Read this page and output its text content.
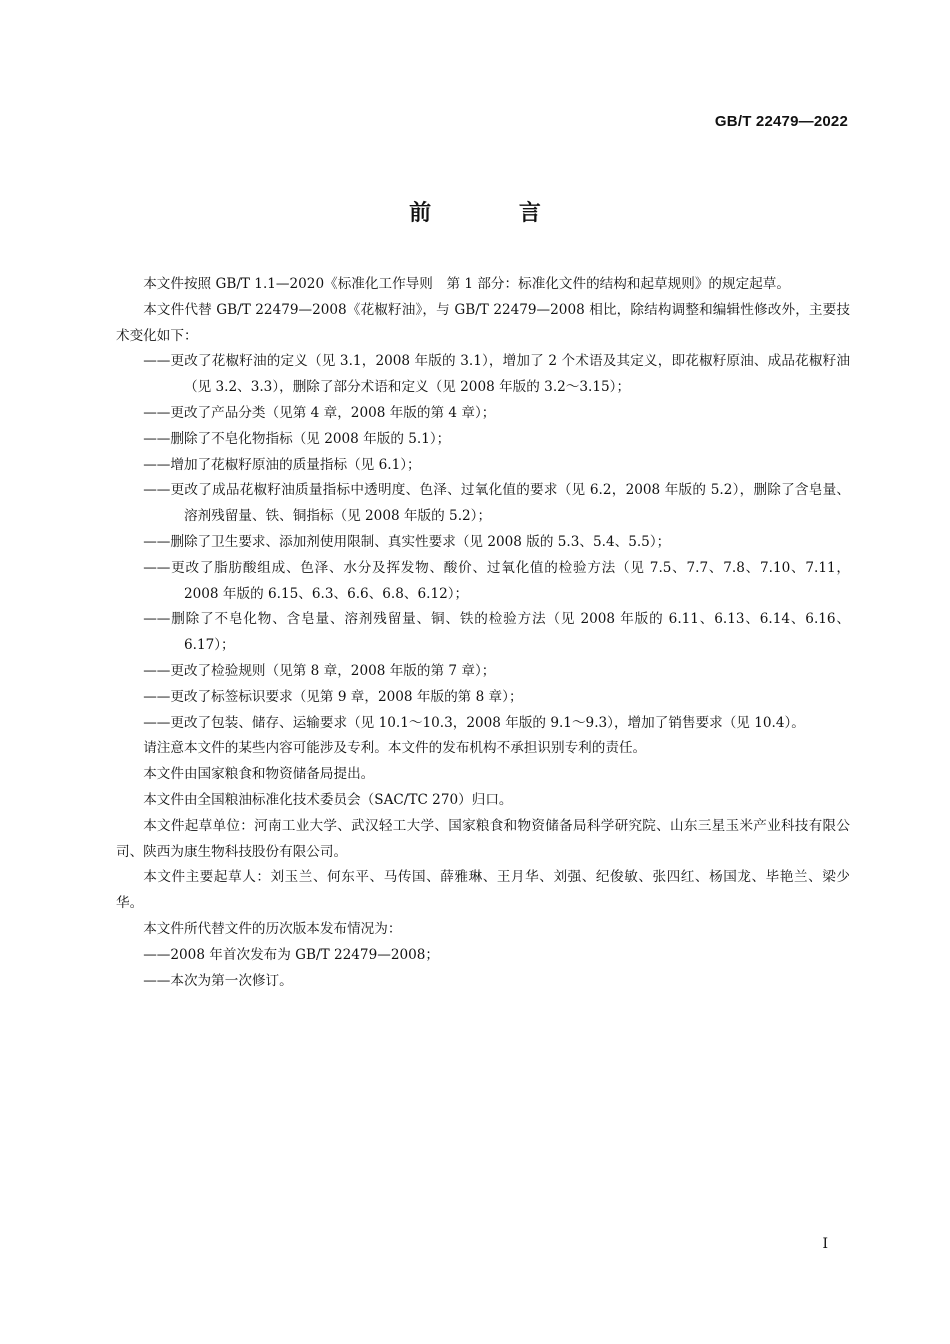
GB/T 22479—2022
前 言

本文件按照 GB/T 1.1—2020《标准化工作导则　第 1 部分：标准化文件的结构和起草规则》的规定起草。

本文件代替 GB/T 22479—2008《花椒籽油》，与 GB/T 22479—2008 相比，除结构调整和编辑性修改外，主要技术变化如下：

——更改了花椒籽油的定义（见 3.1，2008 年版的 3.1），增加了 2 个术语及其定义，即花椒籽原油、成品花椒籽油（见 3.2、3.3），删除了部分术语和定义（见 2008 年版的 3.2～3.15）；

——更改了产品分类（见第 4 章，2008 年版的第 4 章）；

——删除了不皂化物指标（见 2008 年版的 5.1）；

——增加了花椒籽原油的质量指标（见 6.1）；

——更改了成品花椒籽油质量指标中透明度、色泽、过氧化值的要求（见 6.2，2008 年版的 5.2），删除了含皂量、溶剂残留量、铁、铜指标（见 2008 年版的 5.2）；

——删除了卫生要求、添加剂使用限制、真实性要求（见 2008 版的 5.3、5.4、5.5）；

——更改了脂肪酸组成、色泽、水分及挥发物、酸价、过氧化值的检验方法（见 7.5、7.7、7.8、7.10、7.11，2008 年版的 6.15、6.3、6.6、6.8、6.12）；

——删除了不皂化物、含皂量、溶剂残留量、铜、铁的检验方法（见 2008 年版的 6.11、6.13、6.14、6.16、6.17）；

——更改了检验规则（见第 8 章，2008 年版的第 7 章）；

——更改了标签标识要求（见第 9 章，2008 年版的第 8 章）；

——更改了包装、储存、运输要求（见 10.1～10.3，2008 年版的 9.1～9.3），增加了销售要求（见 10.4）。

请注意本文件的某些内容可能涉及专利。本文件的发布机构不承担识别专利的责任。

本文件由国家粮食和物资储备局提出。

本文件由全国粮油标准化技术委员会（SAC/TC 270）归口。

本文件起草单位：河南工业大学、武汉轻工大学、国家粮食和物资储备局科学研究院、山东三星玉米产业科技有限公司、陕西为康生物科技股份有限公司。

本文件主要起草人：刘玉兰、何东平、马传国、薛雅琳、王月华、刘强、纪俊敏、张四红、杨国龙、毕艳兰、梁少华。

本文件所代替文件的历次版本发布情况为：

——2008 年首次发布为 GB/T 22479—2008；

——本次为第一次修订。

I
